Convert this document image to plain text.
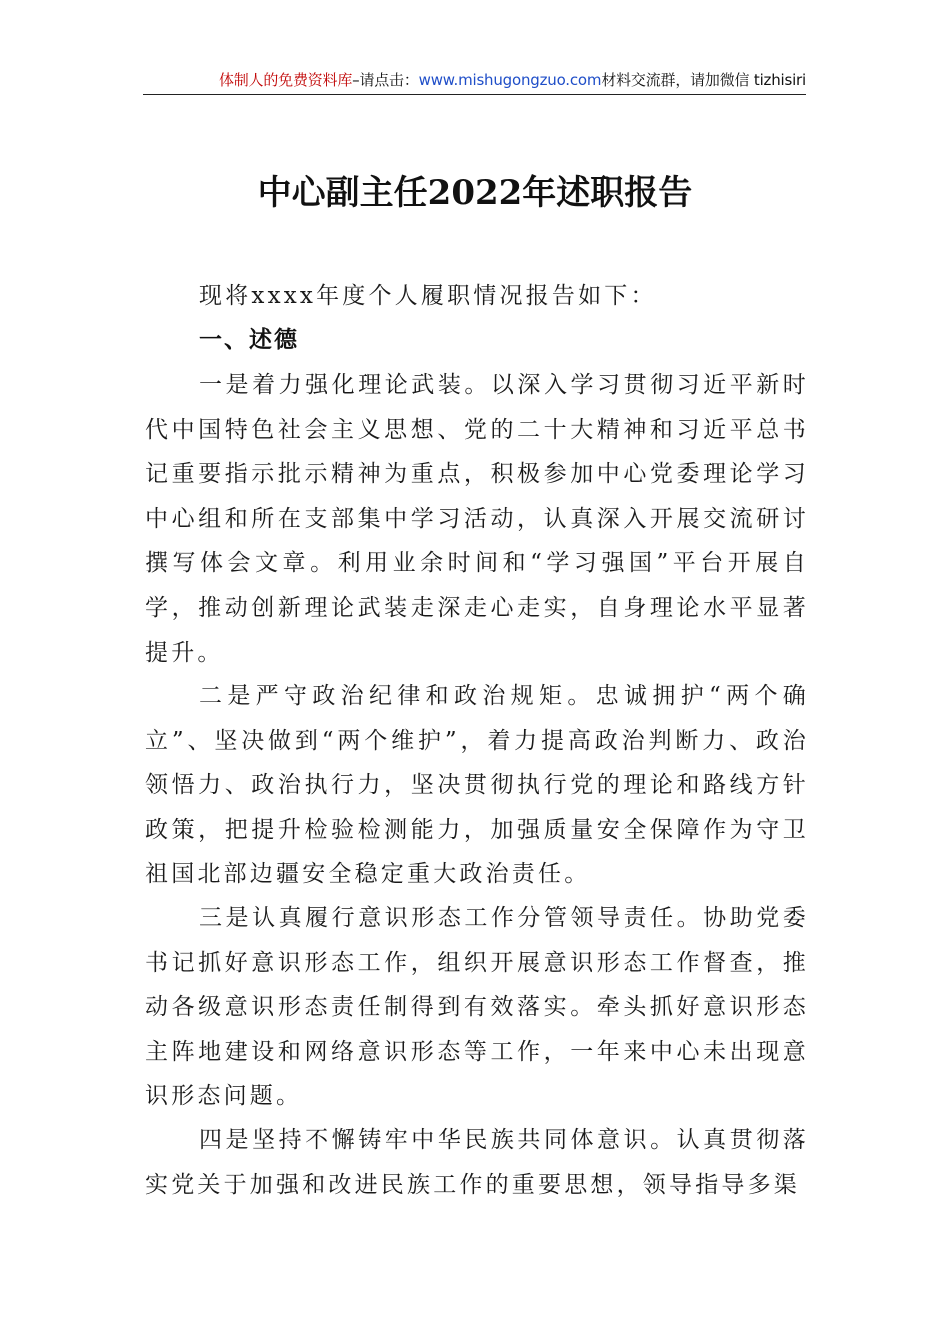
体制人的免费资料库–请点击：www.mishugongzuo.com材料交流群，请加微信 tizhisiri
中心副主任2022年述职报告

现将xxxx年度个人履职情况报告如下：

一、述德

一是着力强化理论武装。以深入学习贯彻习近平新时代中国特色社会主义思想、党的二十大精神和习近平总书记重要指示批示精神为重点，积极参加中心党委理论学习中心组和所在支部集中学习活动，认真深入开展交流研讨撰写体会文章。利用业余时间和“学习强国”平台开展自学，推动创新理论武装走深走心走实，自身理论水平显著提升。

二是严守政治纪律和政治规矩。忠诚拥护“两个确立”、坚决做到“两个维护”，着力提高政治判断力、政治领悟力、政治执行力，坚决贯彻执行党的理论和路线方针政策，把提升检验检测能力，加强质量安全保障作为守卫祖国北部边疆安全稳定重大政治责任。

三是认真履行意识形态工作分管领导责任。协助党委书记抓好意识形态工作，组织开展意识形态工作督查，推动各级意识形态责任制得到有效落实。牵头抓好意识形态主阵地建设和网络意识形态等工作，一年来中心未出现意识形态问题。

四是坚持不懈铸牢中华民族共同体意识。认真贯彻落实党关于加强和改进民族工作的重要思想，领导指导多渠
